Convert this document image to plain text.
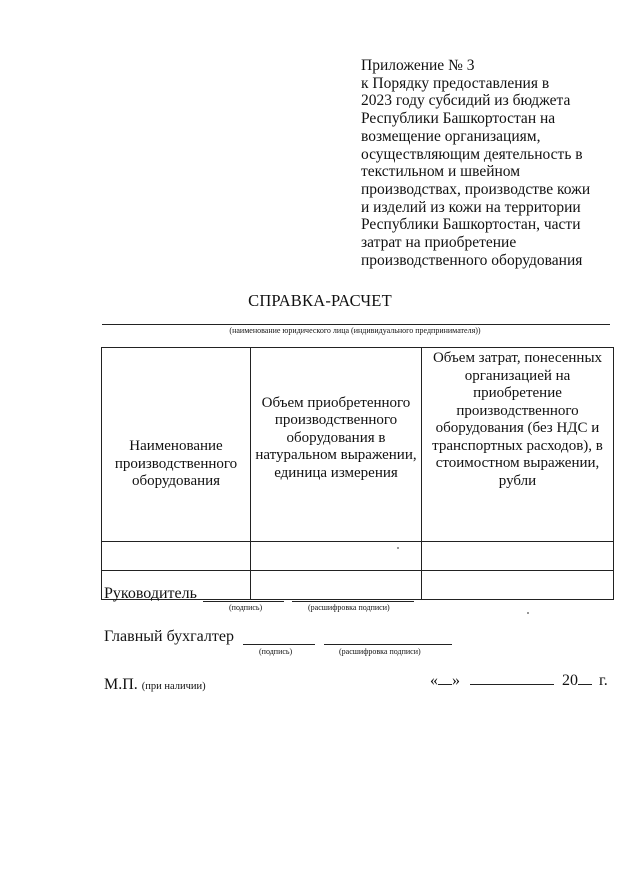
Приложение № 3
к Порядку предоставления в
2023 году субсидий из бюджета
Республики Башкортостан на
возмещение организациям,
осуществляющим деятельность в
текстильном и швейном
производствах, производстве кожи
и изделий из кожи на территории
Республики Башкортостан, части
затрат на приобретение
производственного оборудования
СПРАВКА-РАСЧЕТ
(наименование юридического лица (индивидуального предпринимателя))
Наименование производственного оборудования	Объем приобретенного производственного оборудования в натуральном выражении, единица измерения	Объем затрат, понесенных организацией на приобретение производственного оборудования (без НДС и транспортных расходов), в стоимостном выражении, рубли

Руководитель
(подпись)	(расшифровка подписи)
Главный бухгалтер
(подпись)	(расшифровка подписи)
М.П. (при наличии)	« »	20 г.
